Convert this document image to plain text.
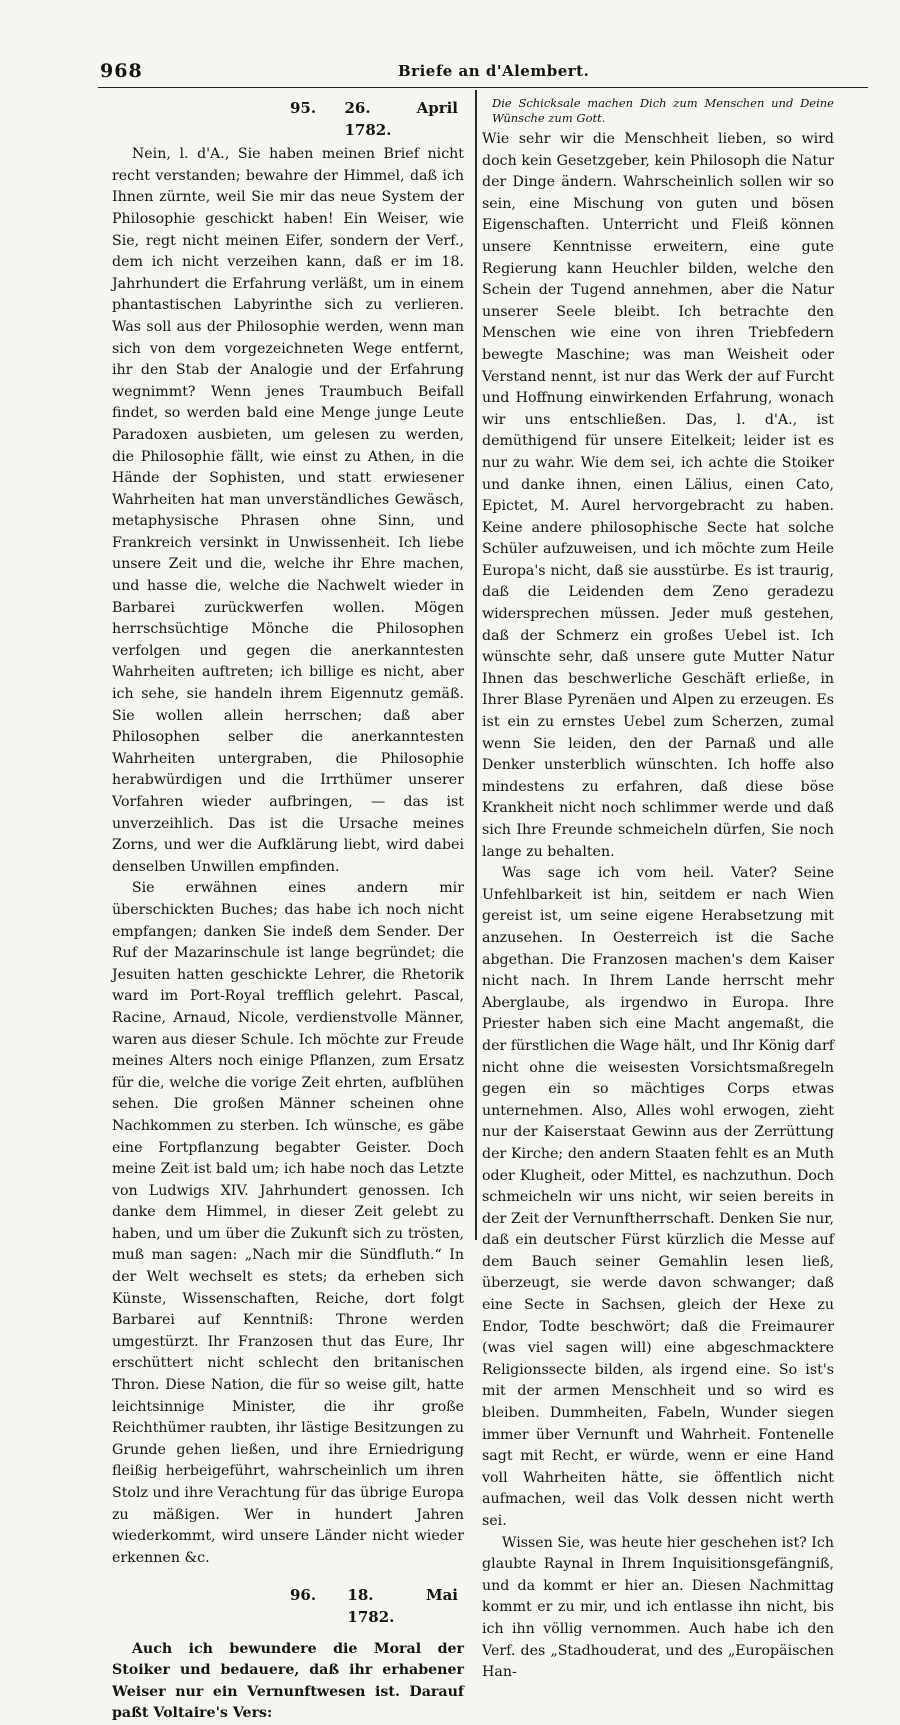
968	Briefe an d'Alembert.
95.	26. April 1782.

Nein, l. d'A., Sie haben meinen Brief nicht recht verstanden; bewahre der Himmel, daß ich Ihnen zürnte, weil Sie mir das neue System der Philosophie geschickt haben! Ein Weiser, wie Sie, regt nicht meinen Eifer, sondern der Verf., dem ich nicht verzeihen kann, daß er im 18. Jahrhundert die Erfahrung verläßt, um in einem phantastischen Labyrinthe sich zu verlieren. Was soll aus der Philosophie werden, wenn man sich von dem vorgezeichneten Wege entfernt, ihr den Stab der Analogie und der Erfahrung wegnimmt? Wenn jenes Traumbuch Beifall findet, so werden bald eine Menge junge Leute Paradoxen ausbieten, um gelesen zu werden, die Philosophie fällt, wie einst zu Athen, in die Hände der Sophisten, und statt erwiesener Wahrheiten hat man unverständliches Gewäsch, metaphysische Phrasen ohne Sinn, und Frankreich versinkt in Unwissenheit. Ich liebe unsere Zeit und die, welche ihr Ehre machen, und hasse die, welche die Nachwelt wieder in Barbarei zurückwerfen wollen. Mögen herrschsüchtige Mönche die Philosophen verfolgen und gegen die anerkanntesten Wahrheiten auftreten; ich billige es nicht, aber ich sehe, sie handeln ihrem Eigennutz gemäß. Sie wollen allein herrschen; daß aber Philosophen selber die anerkanntesten Wahrheiten untergraben, die Philosophie herabwürdigen und die Irrthümer unserer Vorfahren wieder aufbringen, — das ist unverzeihlich. Das ist die Ursache meines Zorns, und wer die Aufklärung liebt, wird dabei denselben Unwillen empfinden.

Sie erwähnen eines andern mir überschickten Buches; das habe ich noch nicht empfangen; danken Sie indeß dem Sender. Der Ruf der Mazarinschule ist lange begründet; die Jesuiten hatten geschickte Lehrer, die Rhetorik ward im Port-Royal trefflich gelehrt. Pascal, Racine, Arnaud, Nicole, verdienstvolle Männer, waren aus dieser Schule. Ich möchte zur Freude meines Alters noch einige Pflanzen, zum Ersatz für die, welche die vorige Zeit ehrten, aufblühen sehen. Die großen Männer scheinen ohne Nachkommen zu sterben. Ich wünsche, es gäbe eine Fortpflanzung begabter Geister. Doch meine Zeit ist bald um; ich habe noch das Letzte von Ludwigs XIV. Jahrhundert genossen. Ich danke dem Himmel, in dieser Zeit gelebt zu haben, und um über die Zukunft sich zu trösten, muß man sagen: „Nach mir die Sündfluth.“ In der Welt wechselt es stets; da erheben sich Künste, Wissenschaften, Reiche, dort folgt Barbarei auf Kenntniß: Throne werden umgestürzt. Ihr Franzosen thut das Eure, Ihr erschüttert nicht schlecht den britanischen Thron. Diese Nation, die für so weise gilt, hatte leichtsinnige Minister, die ihr große Reichthümer raubten, ihr lästige Besitzungen zu Grunde gehen ließen, und ihre Erniedrigung fleißig herbeigeführt, wahrscheinlich um ihren Stolz und ihre Verachtung für das übrige Europa zu mäßigen. Wer in hundert Jahren wiederkommt, wird unsere Länder nicht wieder erkennen &c.

96.	18. Mai 1782.

Auch ich bewundere die Moral der Stoiker und bedauere, daß ihr erhabener Weiser nur ein Vernunftwesen ist. Darauf paßt Voltaire's Vers:

Die Schicksale machen Dich zum Menschen und Deine Wünsche zum Gott.

Wie sehr wir die Menschheit lieben, so wird doch kein Gesetzgeber, kein Philosoph die Natur der Dinge ändern. Wahrscheinlich sollen wir so sein, eine Mischung von guten und bösen Eigenschaften. Unterricht und Fleiß können unsere Kenntnisse erweitern, eine gute Regierung kann Heuchler bilden, welche den Schein der Tugend annehmen, aber die Natur unserer Seele bleibt. Ich betrachte den Menschen wie eine von ihren Triebfedern bewegte Maschine; was man Weisheit oder Verstand nennt, ist nur das Werk der auf Furcht und Hoffnung einwirkenden Erfahrung, wonach wir uns entschließen. Das, l. d'A., ist demüthigend für unsere Eitelkeit; leider ist es nur zu wahr. Wie dem sei, ich achte die Stoiker und danke ihnen, einen Lälius, einen Cato, Epictet, M. Aurel hervorgebracht zu haben. Keine andere philosophische Secte hat solche Schüler aufzuweisen, und ich möchte zum Heile Europa's nicht, daß sie ausstürbe. Es ist traurig, daß die Leidenden dem Zeno geradezu widersprechen müssen. Jeder muß gestehen, daß der Schmerz ein großes Uebel ist. Ich wünschte sehr, daß unsere gute Mutter Natur Ihnen das beschwerliche Geschäft erließe, in Ihrer Blase Pyrenäen und Alpen zu erzeugen. Es ist ein zu ernstes Uebel zum Scherzen, zumal wenn Sie leiden, den der Parnaß und alle Denker unsterblich wünschten. Ich hoffe also mindestens zu erfahren, daß diese böse Krankheit nicht noch schlimmer werde und daß sich Ihre Freunde schmeicheln dürfen, Sie noch lange zu behalten.

Was sage ich vom heil. Vater? Seine Unfehlbarkeit ist hin, seitdem er nach Wien gereist ist, um seine eigene Herabsetzung mit anzusehen. In Oesterreich ist die Sache abgethan. Die Franzosen machen's dem Kaiser nicht nach. In Ihrem Lande herrscht mehr Aberglaube, als irgendwo in Europa. Ihre Priester haben sich eine Macht angemaßt, die der fürstlichen die Wage hält, und Ihr König darf nicht ohne die weisesten Vorsichtsmaßregeln gegen ein so mächtiges Corps etwas unternehmen. Also, Alles wohl erwogen, zieht nur der Kaiserstaat Gewinn aus der Zerrüttung der Kirche; den andern Staaten fehlt es an Muth oder Klugheit, oder Mittel, es nachzuthun. Doch schmeicheln wir uns nicht, wir seien bereits in der Zeit der Vernunftherrschaft. Denken Sie nur, daß ein deutscher Fürst kürzlich die Messe auf dem Bauch seiner Gemahlin lesen ließ, überzeugt, sie werde davon schwanger; daß eine Secte in Sachsen, gleich der Hexe zu Endor, Todte beschwört; daß die Freimaurer (was viel sagen will) eine abgeschmacktere Religionssecte bilden, als irgend eine. So ist's mit der armen Menschheit und so wird es bleiben. Dummheiten, Fabeln, Wunder siegen immer über Vernunft und Wahrheit. Fontenelle sagt mit Recht, er würde, wenn er eine Hand voll Wahrheiten hätte, sie öffentlich nicht aufmachen, weil das Volk dessen nicht werth sei.

Wissen Sie, was heute hier geschehen ist? Ich glaubte Raynal in Ihrem Inquisitionsgefängniß, und da kommt er hier an. Diesen Nachmittag kommt er zu mir, und ich entlasse ihn nicht, bis ich ihn völlig vernommen. Auch habe ich den Verf. des „Stadhouderat, und des „Europäischen Han-
